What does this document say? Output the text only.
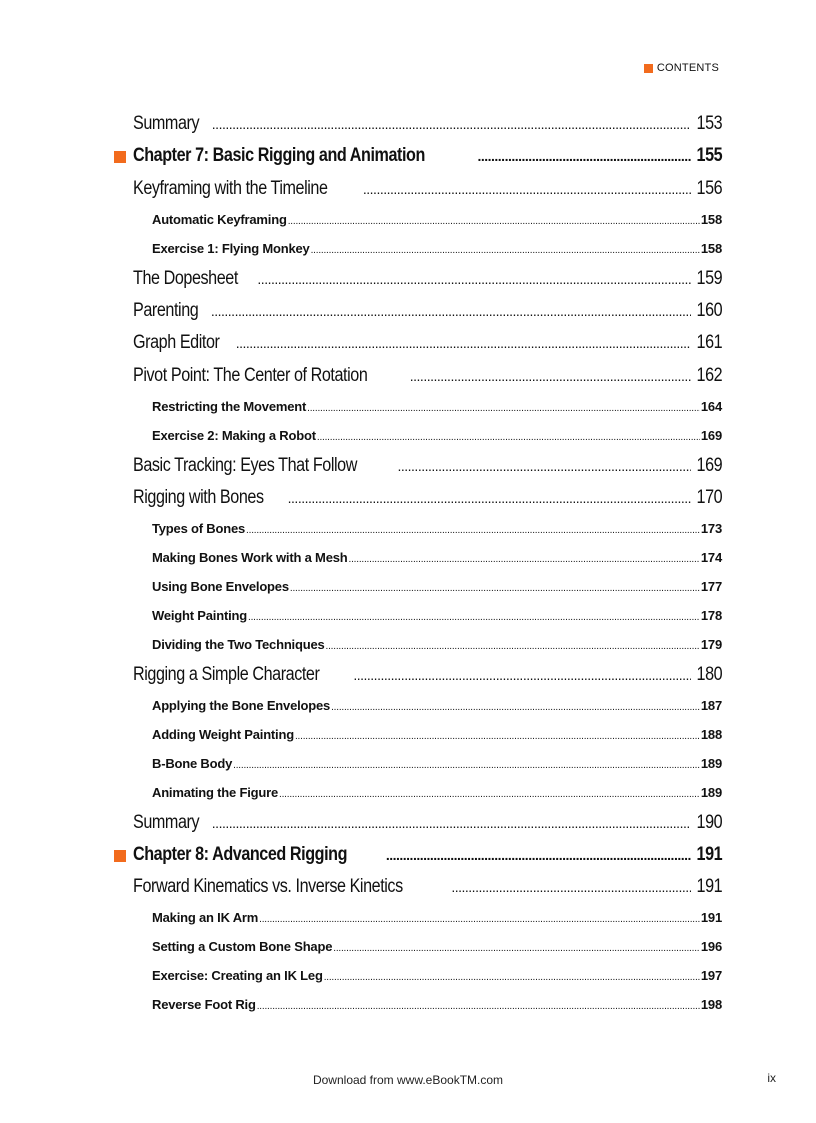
CONTENTS
Summary .....	153
Chapter 7: Basic Rigging and Animation .....	155
Keyframing with the Timeline .....	156
Automatic Keyframing .....	158
Exercise 1: Flying Monkey .....	158
The Dopesheet .....	159
Parenting .....	160
Graph Editor .....	161
Pivot Point: The Center of Rotation .....	162
Restricting the Movement .....	164
Exercise 2: Making a Robot .....	169
Basic Tracking: Eyes That Follow .....	169
Rigging with Bones .....	170
Types of Bones .....	173
Making Bones Work with a Mesh .....	174
Using Bone Envelopes .....	177
Weight Painting .....	178
Dividing the Two Techniques .....	179
Rigging a Simple Character .....	180
Applying the Bone Envelopes .....	187
Adding Weight Painting .....	188
B-Bone Body .....	189
Animating the Figure .....	189
Summary .....	190
Chapter 8: Advanced Rigging .....	191
Forward Kinematics vs. Inverse Kinetics .....	191
Making an IK Arm .....	191
Setting a Custom Bone Shape .....	196
Exercise: Creating an IK Leg .....	197
Reverse Foot Rig .....	198
Download from www.eBookTM.com	ix
